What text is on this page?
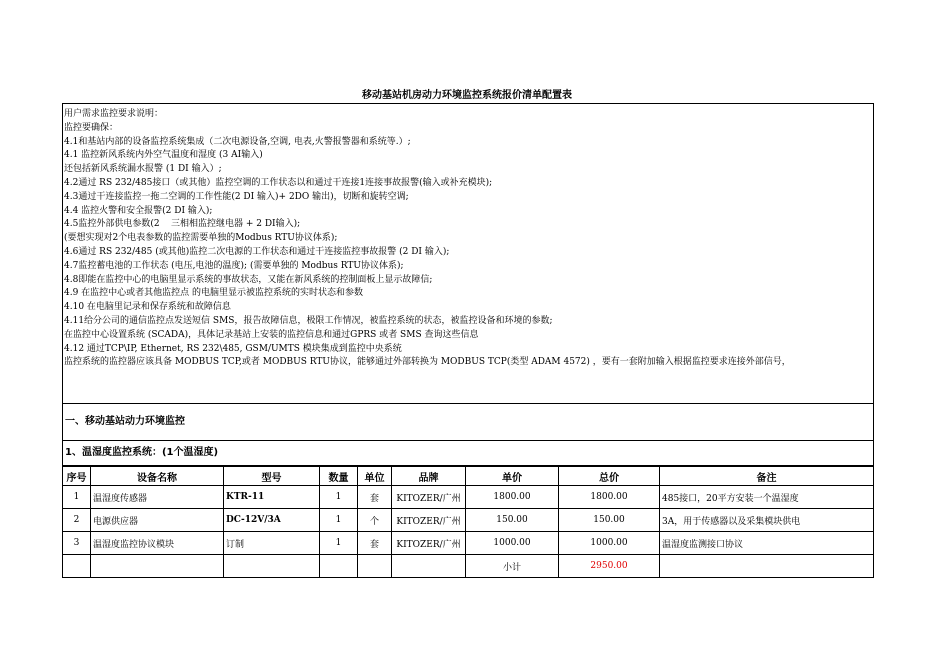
移动基站机房动力环境监控系统报价清单配置表
用户需求监控要求说明：
监控要确保：
4.1和基站内部的设备监控系统集成（二次电源设备,空调, 电表,火警报警器和系统等.）;
4.1 监控新风系统内外空气温度和湿度 (3 AI输入)
还包括新风系统漏水报警 (1 DI 输入）;
4.2通过 RS 232/485接口（或其他）监控空调的工作状态以和通过干连接1连接事故报警(输入或补充模块);
4.3通过干连接监控一拖二空调的工作性能(2 DI 输入)+ 2DO 输出)，切断和旋转空调;
4.4 监控火警和安全报警(2 DI 输入);
4.5监控外部供电参数(2    三相相监控继电器 + 2 DI输入);
(要想实现对2个电表参数的监控需要单独的Modbus RTU协议体系);
4.6通过 RS 232/485 (或其他)监控二次电源的工作状态和通过干连接监控事故报警 (2 DI 输入);
4.7监控蓄电池的工作状态 (电压,电池的温度); (需要单独的 Modbus RTU协议体系);
4.8即能在监控中心的电脑里显示系统的事故状态，又能在新风系统的控制面板上显示故障信;
4.9 在监控中心或者其他监控点 的电脑里显示被监控系统的实时状态和参数
4.10 在电脑里记录和保存系统和故障信息
4.11给分公司的通信监控点发送短信 SMS，报告故障信息，极限工作情况，被监控系统的状态，被监控设备和环境的参数;
在监控中心设置系统 (SCADA)，具体记录基站上安装的监控信息和通过GPRS 或者 SMS 查询这些信息
4.12 通过TCP\IP, Ethernet, RS 232\485, GSM/UMTS 模块集成到监控中央系统
监控系统的监控器应该具备 MODBUS TCP,或者 MODBUS RTU协议，能够通过外部转换为 MODBUS TCP(类型 ADAM 4572) ，要有一套附加输入根据监控要求连接外部信号，
一、移动基站动力环境监控
1、温湿度监控系统：(1个温湿度)
序号	设备名称	型号	数量	单位	品牌	单价	总价	备注
1	温湿度传感器	KTR-11	1	套	KITOZER/广州	1800.00	1800.00	485接口，20平方安装一个温湿度
2	电源供应器	DC-12V/3A	1	个	KITOZER/广州	150.00	150.00	3A，用于传感器以及采集模块供电
3	温湿度监控协议模块	订制	1	套	KITOZER/广州	1000.00	1000.00	温湿度监测接口协议
						小计	2950.00	
